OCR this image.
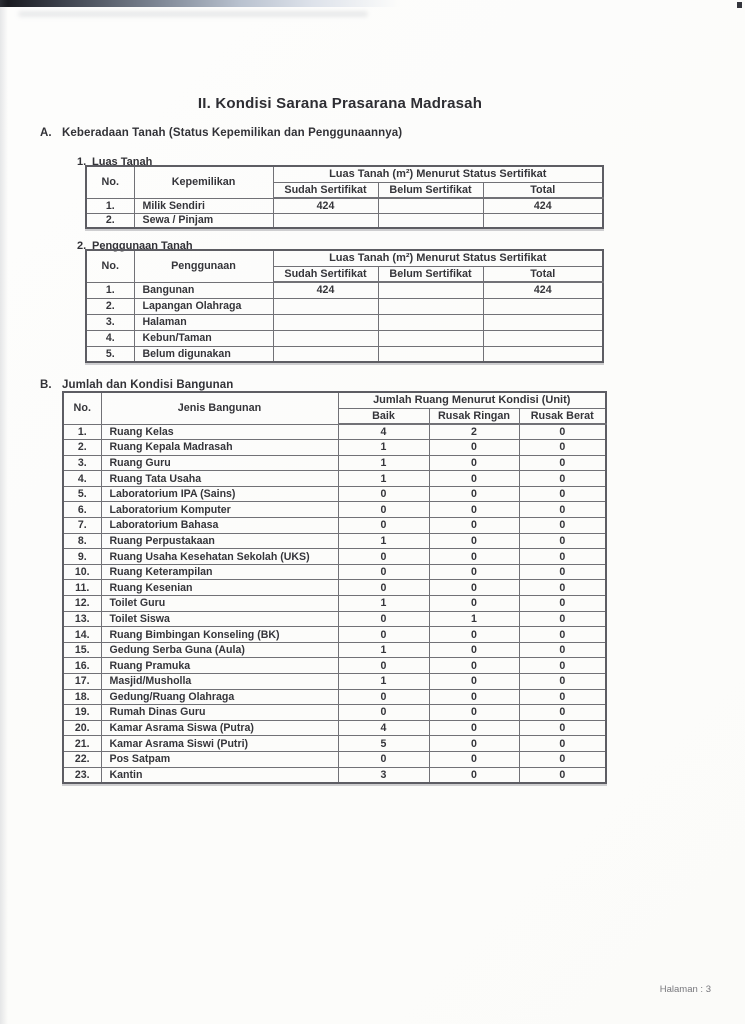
II. Kondisi Sarana Prasarana Madrasah
A. Keberadaan Tanah (Status Kepemilikan dan Penggunaannya)
1. Luas Tanah
No.	Kepemilikan	Luas Tanah (m²) Menurut Status Sertifikat		
		Sudah Sertifikat	Belum Sertifikat	Total
1.	Milik Sendiri	424		424
2.	Sewa / Pinjam			
2. Penggunaan Tanah
No.	Penggunaan	Luas Tanah (m²) Menurut Status Sertifikat		
		Sudah Sertifikat	Belum Sertifikat	Total
1.	Bangunan	424		424
2.	Lapangan Olahraga			
3.	Halaman			
4.	Kebun/Taman			
5.	Belum digunakan			
B. Jumlah dan Kondisi Bangunan
No.	Jenis Bangunan	Jumlah Ruang Menurut Kondisi (Unit)		
		Baik	Rusak Ringan	Rusak Berat
1.	Ruang Kelas	4	2	0
2.	Ruang Kepala Madrasah	1	0	0
3.	Ruang Guru	1	0	0
4.	Ruang Tata Usaha	1	0	0
5.	Laboratorium IPA (Sains)	0	0	0
6.	Laboratorium Komputer	0	0	0
7.	Laboratorium Bahasa	0	0	0
8.	Ruang Perpustakaan	1	0	0
9.	Ruang Usaha Kesehatan Sekolah (UKS)	0	0	0
10.	Ruang Keterampilan	0	0	0
11.	Ruang Kesenian	0	0	0
12.	Toilet Guru	1	0	0
13.	Toilet Siswa	0	1	0
14.	Ruang Bimbingan Konseling (BK)	0	0	0
15.	Gedung Serba Guna (Aula)	1	0	0
16.	Ruang Pramuka	0	0	0
17.	Masjid/Musholla	1	0	0
18.	Gedung/Ruang Olahraga	0	0	0
19.	Rumah Dinas Guru	0	0	0
20.	Kamar Asrama Siswa (Putra)	4	0	0
21.	Kamar Asrama Siswi (Putri)	5	0	0
22.	Pos Satpam	0	0	0
23.	Kantin	3	0	0
Halaman : 3
